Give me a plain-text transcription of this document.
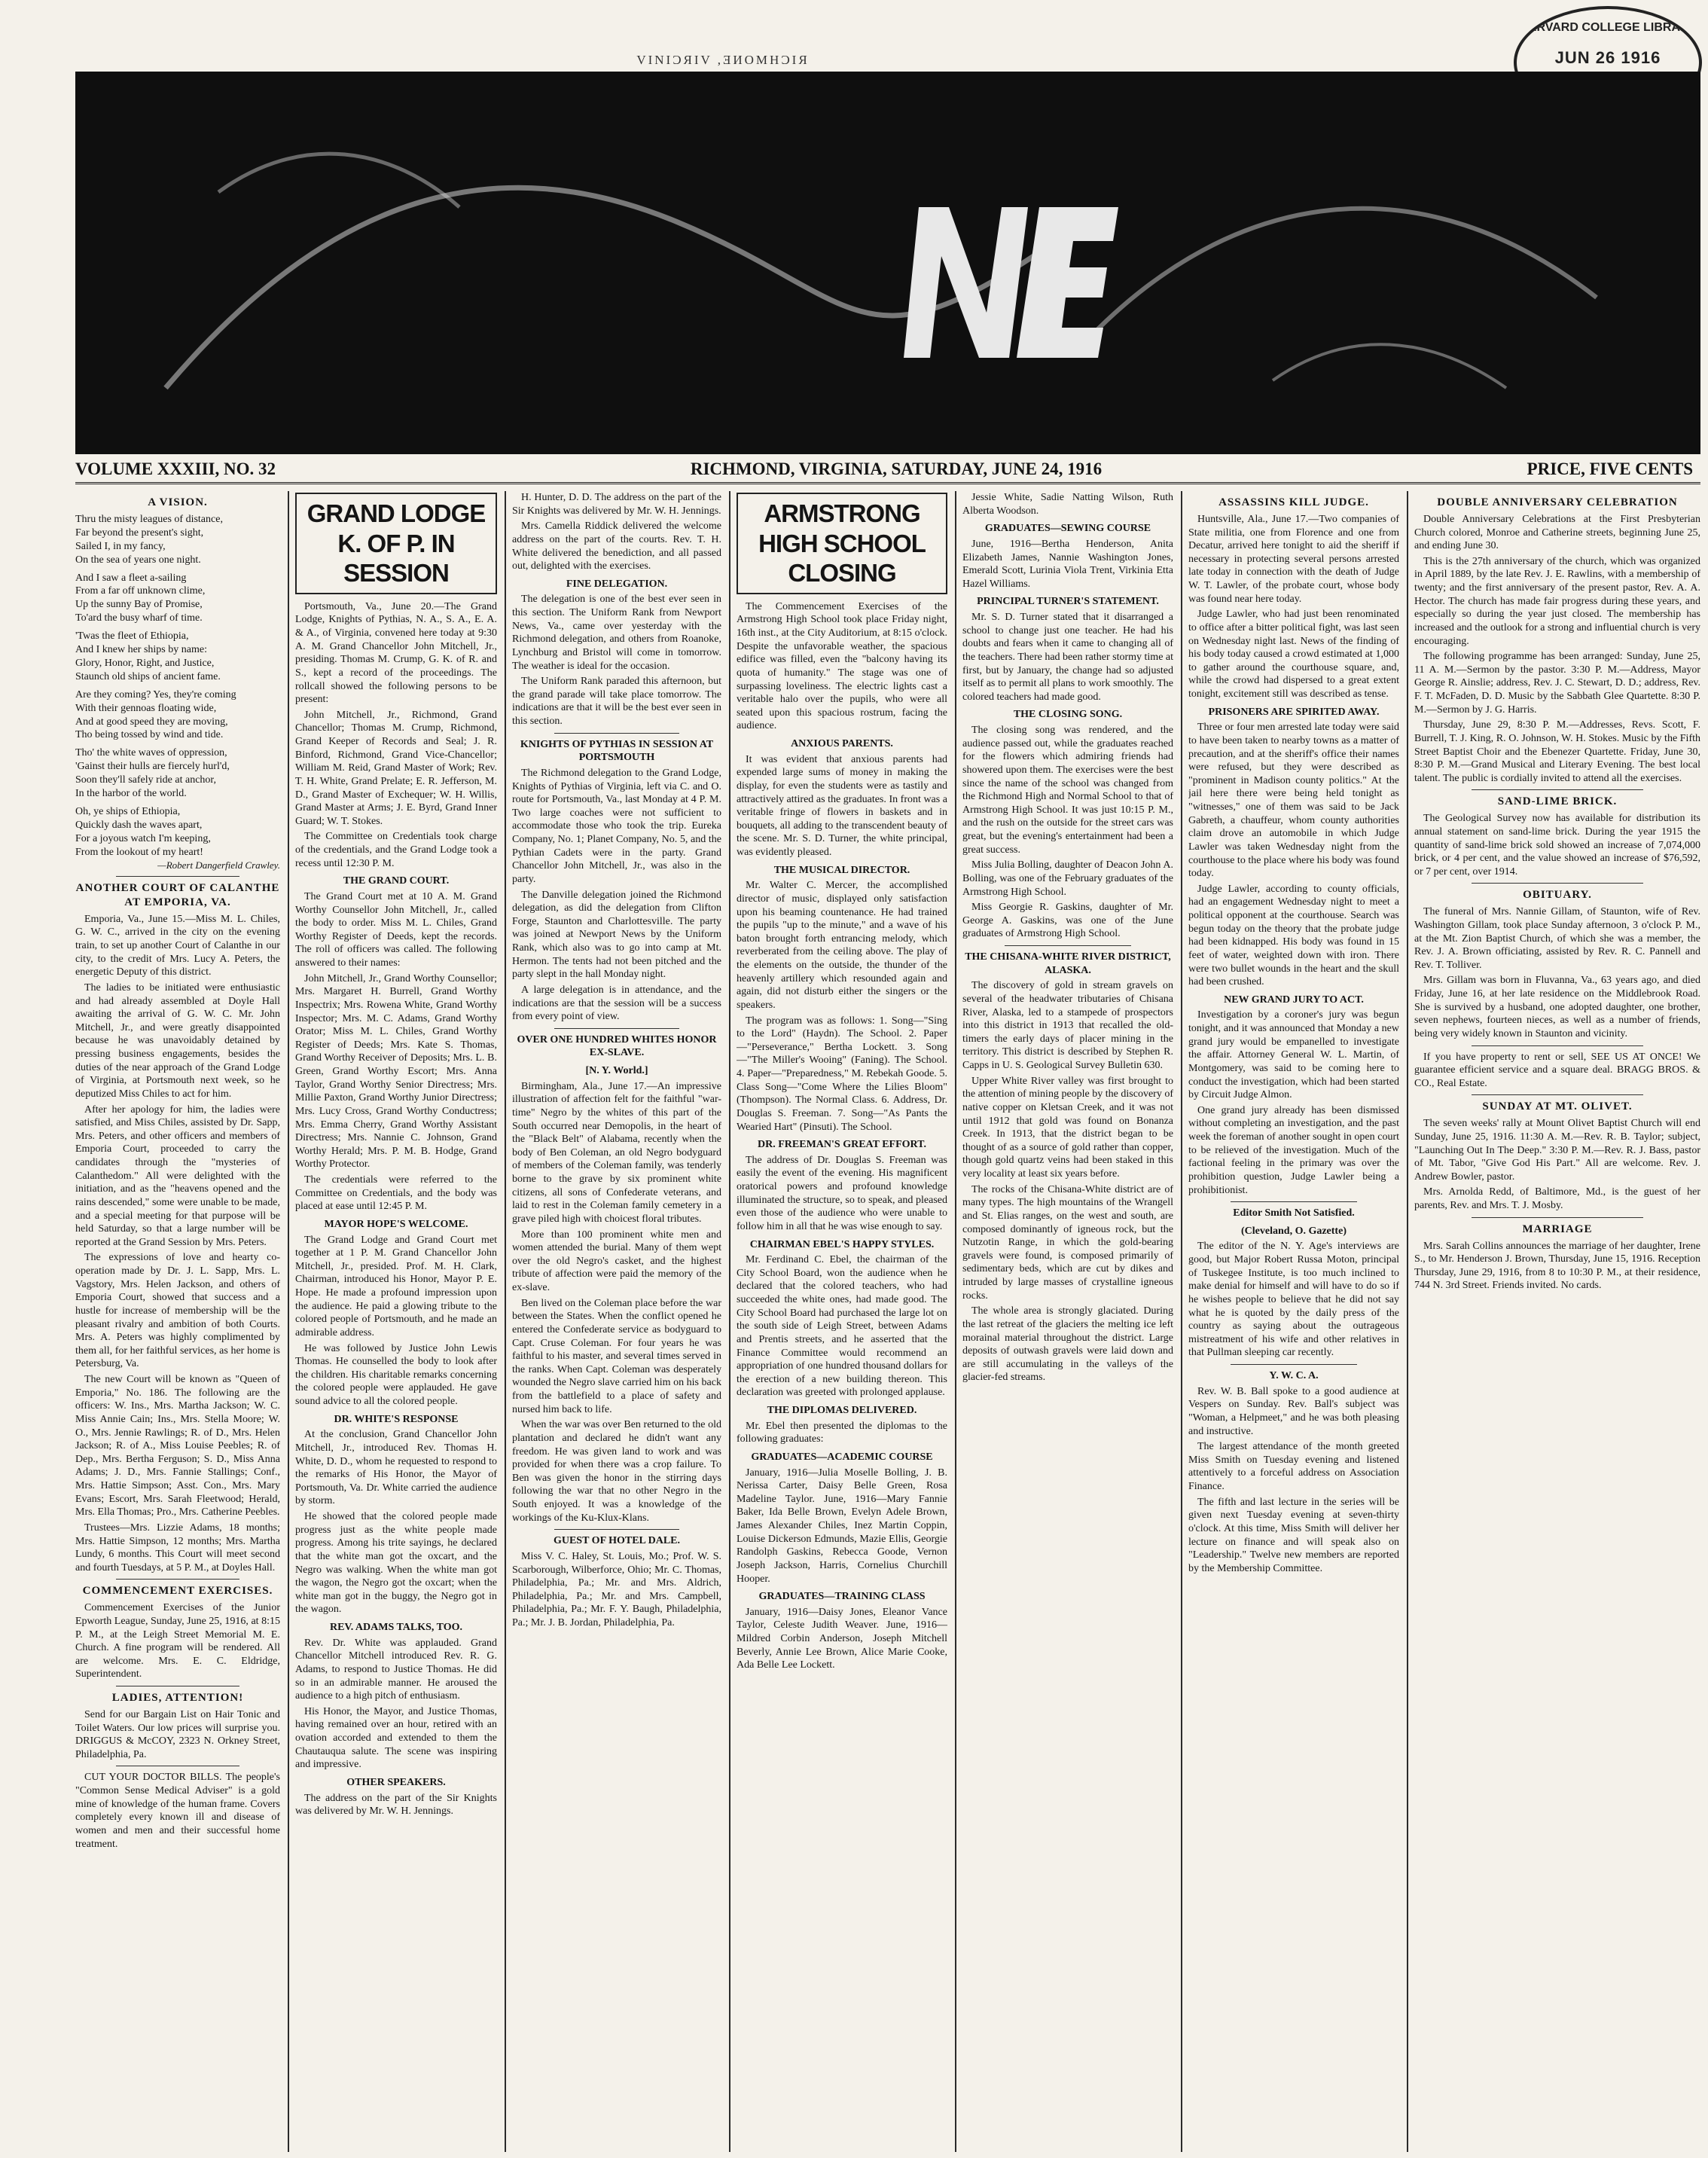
VINIƆЯIV ,ƎИOMHƆIЯ
HARVARD COLLEGE LIBRARY
JUN 26 1916
VOLUME XXXIII, NO. 32	RICHMOND, VIRGINIA, SATURDAY, JUNE 24, 1916	PRICE, FIVE CENTS
A VISION.
Thru the misty leagues of distance,
Far beyond the present's sight,
Sailed I, in my fancy,
On the sea of years one night.
And I saw a fleet a-sailing
From a far off unknown clime,
Up the sunny Bay of Promise,
To'ard the busy wharf of time.
'Twas the fleet of Ethiopia,
And I knew her ships by name:
Glory, Honor, Right, and Justice,
Staunch old ships of ancient fame.
Are they coming? Yes, they're coming
With their gennoas floating wide,
And at good speed they are moving,
Tho being tossed by wind and tide.
Tho' the white waves of oppression,
'Gainst their hulls are fiercely hurl'd,
Soon they'll safely ride at anchor,
In the harbor of the world.
Oh, ye ships of Ethiopia,
Quickly dash the waves apart,
For a joyous watch I'm keeping,
From the lookout of my heart!
—Robert Dangerfield Crawley.
ANOTHER COURT OF CALANTHE AT EMPORIA, VA.

Emporia, Va., June 15.—Miss M. L. Chiles, G. W. C., arrived in the city on the evening train, to set up another Court of Calanthe in our city, to the credit of Mrs. Lucy A. Peters, the energetic Deputy of this district.

The ladies to be initiated were enthusiastic and had already assembled at Doyle Hall awaiting the arrival of G. W. C. Mr. John Mitchell, Jr., and were greatly disappointed because he was unavoidably detained by pressing business engagements, besides the duties of the near approach of the Grand Lodge of Virginia, at Portsmouth next week, so he deputized Miss Chiles to act for him.

After her apology for him, the ladies were satisfied, and Miss Chiles, assisted by Dr. Sapp, Mrs. Peters, and other officers and members of Emporia Court, proceeded to carry the candidates through the "mysteries of Calanthedom." All were delighted with the initiation, and as the "heavens opened and the rains descended," some were unable to be made, and a special meeting for that purpose will be held Saturday, so that a large number will be reported at the Grand Session by Mrs. Peters.

The expressions of love and hearty co-operation made by Dr. J. L. Sapp, Mrs. L. Vagstory, Mrs. Helen Jackson, and others of Emporia Court, showed that success and a hustle for increase of membership will be the pleasant rivalry and ambition of both Courts. Mrs. A. Peters was highly complimented by them all, for her faithful services, as her home is Petersburg, Va.

The new Court will be known as "Queen of Emporia," No. 186. The following are the officers: W. Ins., Mrs. Martha Jackson; W. C. Miss Annie Cain; Ins., Mrs. Stella Moore; W. O., Mrs. Jennie Rawlings; R. of D., Mrs. Helen Jackson; R. of A., Miss Louise Peebles; R. of Dep., Mrs. Bertha Ferguson; S. D., Miss Anna Adams; J. D., Mrs. Fannie Stallings; Conf., Mrs. Hattie Simpson; Asst. Con., Mrs. Mary Evans; Escort, Mrs. Sarah Fleetwood; Herald, Mrs. Ella Thomas; Pro., Mrs. Catherine Peebles.

Trustees—Mrs. Lizzie Adams, 18 months; Mrs. Hattie Simpson, 12 months; Mrs. Martha Lundy, 6 months. This Court will meet second and fourth Tuesdays, at 5 P. M., at Doyles Hall.

COMMENCEMENT EXERCISES.

Commencement Exercises of the Junior Epworth League, Sunday, June 25, 1916, at 8:15 P. M., at the Leigh Street Memorial M. E. Church. A fine program will be rendered. All are welcome. Mrs. E. C. Eldridge, Superintendent.

LADIES, ATTENTION!

Send for our Bargain List on Hair Tonic and Toilet Waters. Our low prices will surprise you. DRIGGUS & McCOY, 2323 N. Orkney Street, Philadelphia, Pa.

CUT YOUR DOCTOR BILLS. The people's "Common Sense Medical Adviser" is a gold mine of knowledge of the human frame. Covers completely every known ill and disease of women and men and their successful home treatment.

GRAND LODGE K. OF P. IN SESSION

Portsmouth, Va., June 20.—The Grand Lodge, Knights of Pythias, N. A., S. A., E. A. & A., of Virginia, convened here today at 9:30 A. M. Grand Chancellor John Mitchell, Jr., presiding. Thomas M. Crump, G. K. of R. and S., kept a record of the proceedings. The rollcall showed the following persons to be present:

John Mitchell, Jr., Richmond, Grand Chancellor; Thomas M. Crump, Richmond, Grand Keeper of Records and Seal; J. R. Binford, Richmond, Grand Vice-Chancellor; William M. Reid, Grand Master of Work; Rev. T. H. White, Grand Prelate; E. R. Jefferson, M. D., Grand Master of Exchequer; W. H. Willis, Grand Master at Arms; J. E. Byrd, Grand Inner Guard; W. T. Stokes.

The Committee on Credentials took charge of the credentials, and the Grand Lodge took a recess until 12:30 P. M.

THE GRAND COURT.

The Grand Court met at 10 A. M. Grand Worthy Counsellor John Mitchell, Jr., called the body to order. Miss M. L. Chiles, Grand Worthy Register of Deeds, kept the records. The roll of officers was called. The following answered to their names:

John Mitchell, Jr., Grand Worthy Counsellor; Mrs. Margaret H. Burrell, Grand Worthy Inspectrix; Mrs. Rowena White, Grand Worthy Inspector; Mrs. M. C. Adams, Grand Worthy Orator; Miss M. L. Chiles, Grand Worthy Register of Deeds; Mrs. Kate S. Thomas, Grand Worthy Receiver of Deposits; Mrs. L. B. Green, Grand Worthy Escort; Mrs. Anna Taylor, Grand Worthy Senior Directress; Mrs. Millie Paxton, Grand Worthy Junior Directress; Mrs. Lucy Cross, Grand Worthy Conductress; Mrs. Emma Cherry, Grand Worthy Assistant Directress; Mrs. Nannie C. Johnson, Grand Worthy Herald; Mrs. P. M. B. Hodge, Grand Worthy Protector.

The credentials were referred to the Committee on Credentials, and the body was placed at ease until 12:45 P. M.

MAYOR HOPE'S WELCOME.

The Grand Lodge and Grand Court met together at 1 P. M. Grand Chancellor John Mitchell, Jr., presided. Prof. M. H. Clark, Chairman, introduced his Honor, Mayor P. E. Hope. He made a profound impression upon the audience. He paid a glowing tribute to the colored people of Portsmouth, and he made an admirable address.

He was followed by Justice John Lewis Thomas. He counselled the body to look after the children. His charitable remarks concerning the colored people were applauded. He gave sound advice to all the colored people.

DR. WHITE'S RESPONSE

At the conclusion, Grand Chancellor John Mitchell, Jr., introduced Rev. Thomas H. White, D. D., whom he requested to respond to the remarks of His Honor, the Mayor of Portsmouth, Va. Dr. White carried the audience by storm.

He showed that the colored people made progress just as the white people made progress. Among his trite sayings, he declared that the white man got the oxcart, and the Negro was walking. When the white man got the wagon, the Negro got the oxcart; when the white man got in the buggy, the Negro got in the wagon.

REV. ADAMS TALKS, TOO.

Rev. Dr. White was applauded. Grand Chancellor Mitchell introduced Rev. R. G. Adams, to respond to Justice Thomas. He did so in an admirable manner. He aroused the audience to a high pitch of enthusiasm.

His Honor, the Mayor, and Justice Thomas, having remained over an hour, retired with an ovation accorded and extended to them the Chautauqua salute. The scene was inspiring and impressive.

OTHER SPEAKERS.

The address on the part of the Sir Knights was delivered by Mr. W. H. Jennings.

H. Hunter, D. D. The address on the part of the Sir Knights was delivered by Mr. W. H. Jennings.

Mrs. Camella Riddick delivered the welcome address on the part of the courts. Rev. T. H. White delivered the benediction, and all passed out, delighted with the exercises.

FINE DELEGATION.

The delegation is one of the best ever seen in this section. The Uniform Rank from Newport News, Va., came over yesterday with the Richmond delegation, and others from Roanoke, Lynchburg and Bristol will come in tomorrow. The weather is ideal for the occasion.

The Uniform Rank paraded this afternoon, but the grand parade will take place tomorrow. The indications are that it will be the best ever seen in this section.

KNIGHTS OF PYTHIAS IN SESSION AT PORTSMOUTH

The Richmond delegation to the Grand Lodge, Knights of Pythias of Virginia, left via C. and O. route for Portsmouth, Va., last Monday at 4 P. M. Two large coaches were not sufficient to accommodate those who took the trip. Eureka Company, No. 1; Planet Company, No. 5, and the Pythian Cadets were in the party. Grand Chancellor John Mitchell, Jr., was also in the party.

The Danville delegation joined the Richmond delegation, as did the delegation from Clifton Forge, Staunton and Charlottesville. The party was joined at Newport News by the Uniform Rank, which also was to go into camp at Mt. Hermon. The tents had not been pitched and the party slept in the hall Monday night.

A large delegation is in attendance, and the indications are that the session will be a success from every point of view.

OVER ONE HUNDRED WHITES HONOR EX-SLAVE.
[N. Y. World.]

Birmingham, Ala., June 17.—An impressive illustration of affection felt for the faithful "war-time" Negro by the whites of this part of the South occurred near Demopolis, in the heart of the "Black Belt" of Alabama, recently when the body of Ben Coleman, an old Negro bodyguard of members of the Coleman family, was tenderly borne to the grave by six prominent white citizens, all sons of Confederate veterans, and laid to rest in the Coleman family cemetery in a grave piled high with choicest floral tributes.

More than 100 prominent white men and women attended the burial. Many of them wept over the old Negro's casket, and the highest tribute of affection were paid the memory of the ex-slave.

Ben lived on the Coleman place before the war between the States. When the conflict opened he entered the Confederate service as bodyguard to Capt. Cruse Coleman. For four years he was faithful to his master, and several times served in the ranks. When Capt. Coleman was desperately wounded the Negro slave carried him on his back from the battlefield to a place of safety and nursed him back to life.

When the war was over Ben returned to the old plantation and declared he didn't want any freedom. He was given land to work and was provided for when there was a crop failure. To Ben was given the honor in the stirring days following the war that no other Negro in the South enjoyed. It was a knowledge of the workings of the Ku-Klux-Klans.

GUEST OF HOTEL DALE.

Miss V. C. Haley, St. Louis, Mo.; Prof. W. S. Scarborough, Wilberforce, Ohio; Mr. C. Thomas, Philadelphia, Pa.; Mr. and Mrs. Aldrich, Philadelphia, Pa.; Mr. and Mrs. Campbell, Philadelphia, Pa.; Mr. F. Y. Baugh, Philadelphia, Pa.; Mr. J. B. Jordan, Philadelphia, Pa.

ARMSTRONG HIGH SCHOOL CLOSING

The Commencement Exercises of the Armstrong High School took place Friday night, 16th inst., at the City Auditorium, at 8:15 o'clock. Despite the unfavorable weather, the spacious edifice was filled, even the "balcony having its quota of humanity." The stage was one of surpassing loveliness. The electric lights cast a veritable halo over the pupils, who were all seated upon this spacious rostrum, facing the audience.

ANXIOUS PARENTS.

It was evident that anxious parents had expended large sums of money in making the display, for even the students were as tastily and attractively attired as the graduates. In front was a veritable fringe of flowers in baskets and in bouquets, all adding to the transcendent beauty of the scene. Mr. S. D. Turner, the white principal, was evidently pleased.

THE MUSICAL DIRECTOR.

Mr. Walter C. Mercer, the accomplished director of music, displayed only satisfaction upon his beaming countenance. He had trained the pupils "up to the minute," and a wave of his baton brought forth entrancing melody, which reverberated from the ceiling above. The play of the elements on the outside, the thunder of the heavenly artillery which resounded again and again, did not disturb either the singers or the speakers.

The program was as follows: 1. Song—"Sing to the Lord" (Haydn). The School. 2. Paper—"Perseverance," Bertha Lockett. 3. Song—"The Miller's Wooing" (Faning). The School. 4. Paper—"Preparedness," M. Rebekah Goode. 5. Class Song—"Come Where the Lilies Bloom" (Thompson). The Normal Class. 6. Address, Dr. Douglas S. Freeman. 7. Song—"As Pants the Wearied Hart" (Pinsuti). The School.

DR. FREEMAN'S GREAT EFFORT.

The address of Dr. Douglas S. Freeman was easily the event of the evening. His magnificent oratorical powers and profound knowledge illuminated the structure, so to speak, and pleased even those of the audience who were unable to follow him in all that he was wise enough to say.

CHAIRMAN EBEL'S HAPPY STYLES.

Mr. Ferdinand C. Ebel, the chairman of the City School Board, won the audience when he declared that the colored teachers, who had succeeded the white ones, had made good. The City School Board had purchased the large lot on the south side of Leigh Street, between Adams and Prentis streets, and he asserted that the Finance Committee would recommend an appropriation of one hundred thousand dollars for the erection of a new building thereon. This declaration was greeted with prolonged applause.

THE DIPLOMAS DELIVERED.

Mr. Ebel then presented the diplomas to the following graduates:

GRADUATES—ACADEMIC COURSE

January, 1916—Julia Moselle Bolling, J. B. Nerissa Carter, Daisy Belle Green, Rosa Madeline Taylor. June, 1916—Mary Fannie Baker, Ida Belle Brown, Evelyn Adele Brown, James Alexander Chiles, Inez Martin Coppin, Louise Dickerson Edmunds, Mazie Ellis, Georgie Randolph Gaskins, Rebecca Goode, Vernon Joseph Jackson, Harris, Cornelius Churchill Hooper.

GRADUATES—TRAINING CLASS

January, 1916—Daisy Jones, Eleanor Vance Taylor, Celeste Judith Weaver. June, 1916—Mildred Corbin Anderson, Joseph Mitchell Beverly, Annie Lee Brown, Alice Marie Cooke, Ada Belle Lee Lockett.

Jessie White, Sadie Natting Wilson, Ruth Alberta Woodson.

GRADUATES—SEWING COURSE

June, 1916—Bertha Henderson, Anita Elizabeth James, Nannie Washington Jones, Emerald Scott, Lurinia Viola Trent, Virkinia Etta Hazel Williams.

PRINCIPAL TURNER'S STATEMENT.

Mr. S. D. Turner stated that it disarranged a school to change just one teacher. He had his doubts and fears when it came to changing all of the teachers. There had been rather stormy time at first, but by January, the change had so adjusted itself as to permit all plans to work smoothly. The colored teachers had made good.

THE CLOSING SONG.

The closing song was rendered, and the audience passed out, while the graduates reached for the flowers which admiring friends had showered upon them. The exercises were the best since the name of the school was changed from the Richmond High and Normal School to that of Armstrong High School. It was just 10:15 P. M., and the rush on the outside for the street cars was great, but the evening's entertainment had been a great success.

Miss Julia Bolling, daughter of Deacon John A. Bolling, was one of the February graduates of the Armstrong High School.

Miss Georgie R. Gaskins, daughter of Mr. George A. Gaskins, was one of the June graduates of Armstrong High School.

THE CHISANA-WHITE RIVER DISTRICT, ALASKA.

The discovery of gold in stream gravels on several of the headwater tributaries of Chisana River, Alaska, led to a stampede of prospectors into this district in 1913 that recalled the old-timers the early days of placer mining in the territory. This district is described by Stephen R. Capps in U. S. Geological Survey Bulletin 630.

Upper White River valley was first brought to the attention of mining people by the discovery of native copper on Kletsan Creek, and it was not until 1912 that gold was found on Bonanza Creek. In 1913, that the district began to be thought of as a source of gold rather than copper, though gold quartz veins had been staked in this very locality at least six years before.

The rocks of the Chisana-White district are of many types. The high mountains of the Wrangell and St. Elias ranges, on the west and south, are composed dominantly of igneous rock, but the Nutzotin Range, in which the gold-bearing gravels were found, is composed primarily of sedimentary beds, which are cut by dikes and intruded by large masses of crystalline igneous rocks.

The whole area is strongly glaciated. During the last retreat of the glaciers the melting ice left morainal material throughout the district. Large deposits of outwash gravels were laid down and are still accumulating in the valleys of the glacier-fed streams.

ASSASSINS KILL JUDGE.

Huntsville, Ala., June 17.—Two companies of State militia, one from Florence and one from Decatur, arrived here tonight to aid the sheriff if necessary in protecting several persons arrested late today in connection with the death of Judge W. T. Lawler, of the probate court, whose body was found near here today.

Judge Lawler, who had just been renominated to office after a bitter political fight, was last seen on Wednesday night last. News of the finding of his body today caused a crowd estimated at 1,000 to gather around the courthouse square, and, while the crowd had dispersed to a great extent tonight, excitement still was described as tense.

PRISONERS ARE SPIRITED AWAY.

Three or four men arrested late today were said to have been taken to nearby towns as a matter of precaution, and at the sheriff's office their names were refused, but they were described as "prominent in Madison county politics." At the jail here there were being held tonight as "witnesses," one of them was said to be Jack Gabreth, a chauffeur, whom county authorities claim drove an automobile in which Judge Lawler was taken Wednesday night from the courthouse to the place where his body was found today.

Judge Lawler, according to county officials, had an engagement Wednesday night to meet a political opponent at the courthouse. Search was begun today on the theory that the probate judge had been kidnapped. His body was found in 15 feet of water, weighted down with iron. There were two bullet wounds in the heart and the skull had been crushed.

NEW GRAND JURY TO ACT.

Investigation by a coroner's jury was begun tonight, and it was announced that Monday a new grand jury would be empanelled to investigate the affair. Attorney General W. L. Martin, of Montgomery, was said to be coming here to conduct the investigation, which had been started by Circuit Judge Almon.

One grand jury already has been dismissed without completing an investigation, and the past week the foreman of another sought in open court to be relieved of the investigation. Much of the factional feeling in the primary was over the prohibition question, Judge Lawler being a prohibitionist.

Editor Smith Not Satisfied.
(Cleveland, O. Gazette)

The editor of the N. Y. Age's interviews are good, but Major Robert Russa Moton, principal of Tuskegee Institute, is too much inclined to make denial for himself and will have to do so if he wishes people to believe that he did not say what he is quoted by the daily press of the country as saying about the outrageous mistreatment of his wife and other relatives in that Pullman sleeping car recently.

Y. W. C. A.

Rev. W. B. Ball spoke to a good audience at Vespers on Sunday. Rev. Ball's subject was "Woman, a Helpmeet," and he was both pleasing and instructive.

The largest attendance of the month greeted Miss Smith on Tuesday evening and listened attentively to a forceful address on Association Finance.

The fifth and last lecture in the series will be given next Tuesday evening at seven-thirty o'clock. At this time, Miss Smith will deliver her lecture on finance and will speak also on "Leadership." Twelve new members are reported by the Membership Committee.

DOUBLE ANNIVERSARY CELEBRATION

Double Anniversary Celebrations at the First Presbyterian Church colored, Monroe and Catherine streets, beginning June 25, and ending June 30.

This is the 27th anniversary of the church, which was organized in April 1889, by the late Rev. J. E. Rawlins, with a membership of twenty; and the first anniversary of the present pastor, Rev. A. A. Hector. The church has made fair progress during these years, and especially so during the year just closed. The membership has increased and the outlook for a strong and influential church is very encouraging.

The following programme has been arranged: Sunday, June 25, 11 A. M.—Sermon by the pastor. 3:30 P. M.—Address, Mayor George R. Ainslie; address, Rev. J. C. Stewart, D. D.; address, Rev. F. T. McFaden, D. D. Music by the Sabbath Glee Quartette. 8:30 P. M.—Sermon by J. G. Harris.

Thursday, June 29, 8:30 P. M.—Addresses, Revs. Scott, F. Burrell, T. J. King, R. O. Johnson, W. H. Stokes. Music by the Fifth Street Baptist Choir and the Ebenezer Quartette. Friday, June 30, 8:30 P. M.—Grand Musical and Literary Evening. The best local talent. The public is cordially invited to attend all the exercises.

SAND-LIME BRICK.

The Geological Survey now has available for distribution its annual statement on sand-lime brick. During the year 1915 the quantity of sand-lime brick sold showed an increase of 7,074,000 brick, or 4 per cent, and the value showed an increase of $76,592, or 7 per cent, over 1914.

OBITUARY.

The funeral of Mrs. Nannie Gillam, of Staunton, wife of Rev. Washington Gillam, took place Sunday afternoon, 3 o'clock P. M., at the Mt. Zion Baptist Church, of which she was a member, the Rev. J. A. Brown officiating, assisted by Rev. R. C. Pannell and Rev. T. Tolliver.

Mrs. Gillam was born in Fluvanna, Va., 63 years ago, and died Friday, June 16, at her late residence on the Middlebrook Road. She is survived by a husband, one adopted daughter, one brother, seven nephews, fourteen nieces, as well as a number of friends, being very widely known in Staunton and vicinity.

If you have property to rent or sell, SEE US AT ONCE! We guarantee efficient service and a square deal. BRAGG BROS. & CO., Real Estate.

SUNDAY AT MT. OLIVET.

The seven weeks' rally at Mount Olivet Baptist Church will end Sunday, June 25, 1916. 11:30 A. M.—Rev. R. B. Taylor; subject, "Launching Out In The Deep." 3:30 P. M.—Rev. R. J. Bass, pastor of Mt. Tabor, "Give God His Part." All are welcome. Rev. J. Andrew Bowler, pastor.

Mrs. Arnolda Redd, of Baltimore, Md., is the guest of her parents, Rev. and Mrs. T. J. Mosby.

MARRIAGE

Mrs. Sarah Collins announces the marriage of her daughter, Irene S., to Mr. Henderson J. Brown, Thursday, June 15, 1916. Reception Thursday, June 29, 1916, from 8 to 10:30 P. M., at their residence, 744 N. 3rd Street. Friends invited. No cards.
